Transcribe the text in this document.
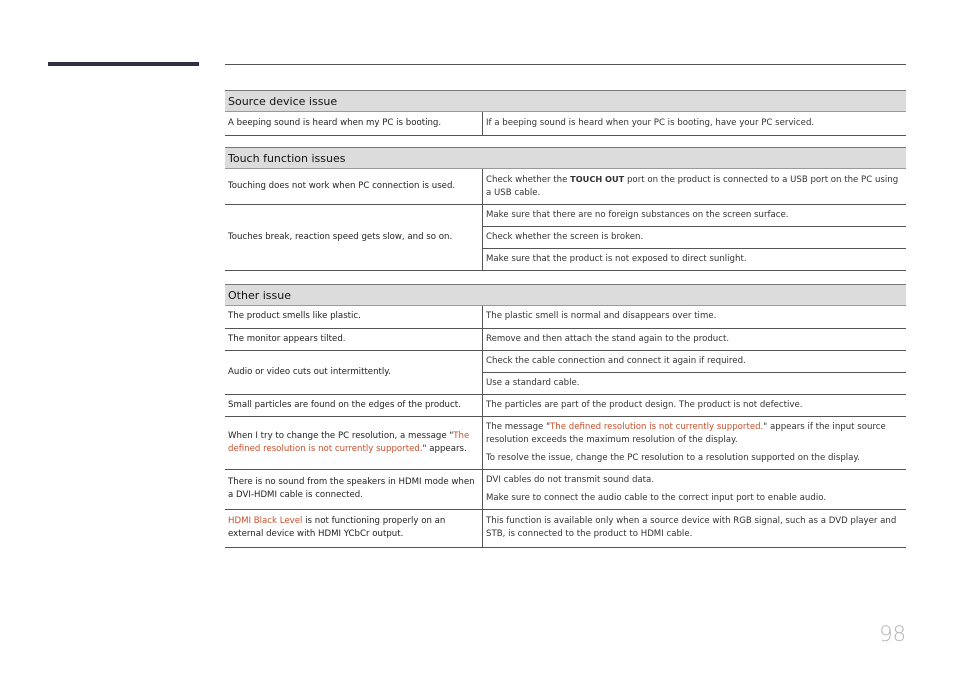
Source device issue
A beeping sound is heard when my PC is booting.	If a beeping sound is heard when your PC is booting, have your PC serviced.
Touch function issues
Touching does not work when PC connection is used.	Check whether the TOUCH OUT port on the product is connected to a USB port on the PC using a USB cable.
Touches break, reaction speed gets slow, and so on.	Make sure that there are no foreign substances on the screen surface.
	Check whether the screen is broken.
	Make sure that the product is not exposed to direct sunlight.
Other issue
The product smells like plastic.	The plastic smell is normal and disappears over time.
The monitor appears tilted.	Remove and then attach the stand again to the product.
Audio or video cuts out intermittently.	Check the cable connection and connect it again if required.
	Use a standard cable.
Small particles are found on the edges of the product.	The particles are part of the product design. The product is not defective.
When I try to change the PC resolution, a message "The defined resolution is not currently supported." appears.	The message "The defined resolution is not currently supported." appears if the input source resolution exceeds the maximum resolution of the display.
To resolve the issue, change the PC resolution to a resolution supported on the display.

There is no sound from the speakers in HDMI mode when a DVI-HDMI cable is connected.	DVI cables do not transmit sound data.
Make sure to connect the audio cable to the correct input port to enable audio.

HDMI Black Level is not functioning properly on an external device with HDMI YCbCr output.	This function is available only when a source device with RGB signal, such as a DVD player and STB, is connected to the product to HDMI cable.
98
